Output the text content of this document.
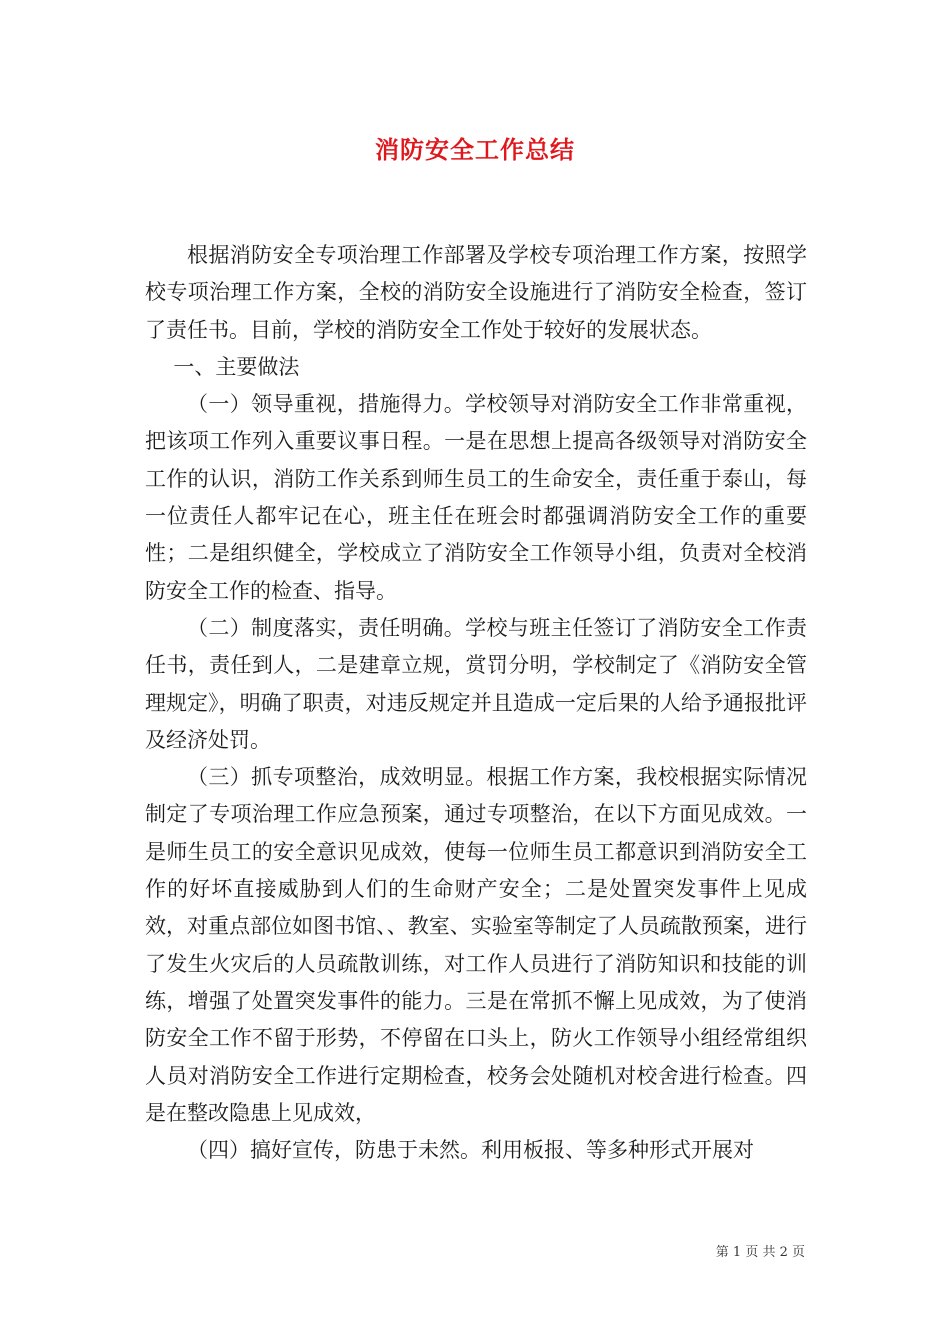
消防安全工作总结

根据消防安全专项治理工作部署及学校专项治理工作方案，按照学校专项治理工作方案，全校的消防安全设施进行了消防安全检查，签订了责任书。目前，学校的消防安全工作处于较好的发展状态。

一、主要做法

（一）领导重视，措施得力。学校领导对消防安全工作非常重视，把该项工作列入重要议事日程。一是在思想上提高各级领导对消防安全工作的认识，消防工作关系到师生员工的生命安全，责任重于泰山，每一位责任人都牢记在心，班主任在班会时都强调消防安全工作的重要性；二是组织健全，学校成立了消防安全工作领导小组，负责对全校消防安全工作的检查、指导。

（二）制度落实，责任明确。学校与班主任签订了消防安全工作责任书，责任到人，二是建章立规，赏罚分明，学校制定了《消防安全管理规定》，明确了职责，对违反规定并且造成一定后果的人给予通报批评及经济处罚。

（三）抓专项整治，成效明显。根据工作方案，我校根据实际情况制定了专项治理工作应急预案，通过专项整治，在以下方面见成效。一是师生员工的安全意识见成效，使每一位师生员工都意识到消防安全工作的好坏直接威胁到人们的生命财产安全；二是处置突发事件上见成效，对重点部位如图书馆、、教室、实验室等制定了人员疏散预案，进行了发生火灾后的人员疏散训练，对工作人员进行了消防知识和技能的训练，增强了处置突发事件的能力。三是在常抓不懈上见成效，为了使消防安全工作不留于形势，不停留在口头上，防火工作领导小组经常组织人员对消防安全工作进行定期检查，校务会处随机对校舍进行检查。四是在整改隐患上见成效，

（四）搞好宣传，防患于未然。利用板报、等多种形式开展对

第 1 页 共 2 页
